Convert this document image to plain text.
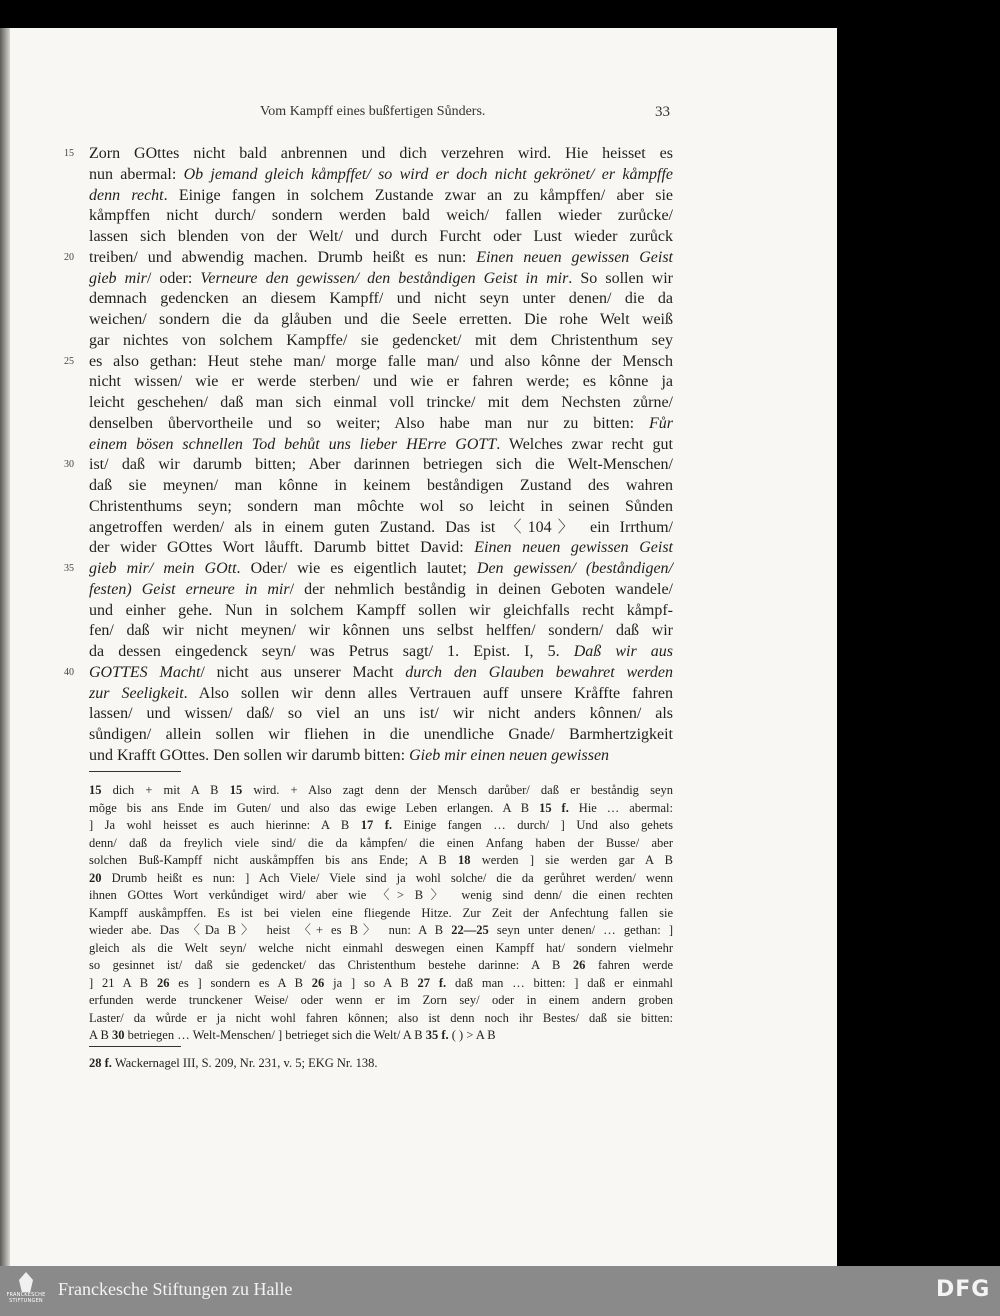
Vom Kampff eines bußfertigen Sůnders.	33
15 Zorn GOttes nicht bald anbrennen und dich verzehren wird. Hie heisset es
nun abermal: Ob jemand gleich kåmpffet/ so wird er doch nicht gekrönet/ er kåmpffe
denn recht. Einige fangen in solchem Zustande zwar an zu kåmpffen/ aber sie
kåmpffen nicht durch/ sondern werden bald weich/ fallen wieder zurůcke/
lassen sich blenden von der Welt/ und durch Furcht oder Lust wieder zurůck
20 treiben/ und abwendig machen. Drumb heißt es nun: Einen neuen gewissen Geist
gieb mir/ oder: Verneure den gewissen/ den beståndigen Geist in mir. So sollen wir
demnach gedencken an diesem Kampff/ und nicht seyn unter denen/ die da
weichen/ sondern die da glåuben und die Seele erretten. Die rohe Welt weiß
gar nichtes von solchem Kampffe/ sie gedencket/ mit dem Christenthum sey
25 es also gethan: Heut stehe man/ morge falle man/ und also kônne der Mensch
nicht wissen/ wie er werde sterben/ und wie er fahren werde; es kônne ja
leicht geschehen/ daß man sich einmal voll trincke/ mit dem Nechsten zůrne/
denselben ůbervortheile und so weiter; Also habe man nur zu bitten: Fůr
einem bösen schnellen Tod behůt uns lieber HErre GOTT. Welches zwar recht gut
30 ist/ daß wir darumb bitten; Aber darinnen betriegen sich die Welt-Menschen/
daß sie meynen/ man kônne in keinem beståndigen Zustand des wahren
Christenthums seyn; sondern man môchte wol so leicht in seinen Sůnden
angetroffen werden/ als in einem guten Zustand. Das ist 〈104〉 ein Irrthum/
der wider GOttes Wort låufft. Darumb bittet David: Einen neuen gewissen Geist
35 gieb mir/ mein GOtt. Oder/ wie es eigentlich lautet; Den gewissen/ (beståndigen/
festen) Geist erneure in mir/ der nehmlich beståndig in deinen Geboten wandele/
und einher gehe. Nun in solchem Kampff sollen wir gleichfalls recht kåmpf-
fen/ daß wir nicht meynen/ wir kônnen uns selbst helffen/ sondern/ daß wir
da dessen eingedenck seyn/ was Petrus sagt/ 1. Epist. I, 5. Daß wir aus
40 GOTTES Macht/ nicht aus unserer Macht durch den Glauben bewahret werden
zur Seeligkeit. Also sollen wir denn alles Vertrauen auff unsere Kråffte fahren
lassen/ und wissen/ daß/ so viel an uns ist/ wir nicht anders kônnen/ als
sůndigen/ allein sollen wir fliehen in die unendliche Gnade/ Barmhertzigkeit
und Krafft GOttes. Den sollen wir darumb bitten: Gieb mir einen neuen gewissen
15 dich + mit A B 15 wird. + Also zagt denn der Mensch darůber/ daß er beståndig seyn
mõge bis ans Ende im Guten/ und also das ewige Leben erlangen. A B 15 f. Hie … abermal:
] Ja wohl heisset es auch hierinne: A B 17 f. Einige fangen … durch/ ] Und also gehets
denn/ daß da freylich viele sind/ die da kåmpfen/ die einen Anfang haben der Busse/ aber
solchen Buß-Kampff nicht auskåmpffen bis ans Ende; A B 18 werden ] sie werden gar A B
20 Drumb heißt es nun: ] Ach Viele/ Viele sind ja wohl solche/ die da gerůhret werden/ wenn
ihnen GOttes Wort verkůndiget wird/ aber wie 〈> B〉 wenig sind denn/ die einen rechten
Kampff auskåmpffen. Es ist bei vielen eine fliegende Hitze. Zur Zeit der Anfechtung fallen sie
wieder abe. Das 〈Da B〉 heist 〈+ es B〉 nun: A B 22—25 seyn unter denen/ … gethan: ]
gleich als die Welt seyn/ welche nicht einmahl deswegen einen Kampff hat/ sondern vielmehr
so gesinnet ist/ daß sie gedencket/ das Christenthum bestehe darinne: A B 26 fahren werde
] 21 A B 26 es ] sondern es A B 26 ja ] so A B 27 f. daß man … bitten: ] daß er einmahl
erfunden werde trunckener Weise/ oder wenn er im Zorn sey/ oder in einem andern groben
Laster/ da wůrde er ja nicht wohl fahren kônnen; also ist denn noch ihr Bestes/ daß sie bitten:
A B 30 betriegen … Welt-Menschen/ ] betrieget sich die Welt/ A B 35 f. ( ) > A B
28 f. Wackernagel III, S. 209, Nr. 231, v. 5; EKG Nr. 138.
FRANCKESCHE
STIFTUNGEN
Franckesche Stiftungen zu Halle	DFG
